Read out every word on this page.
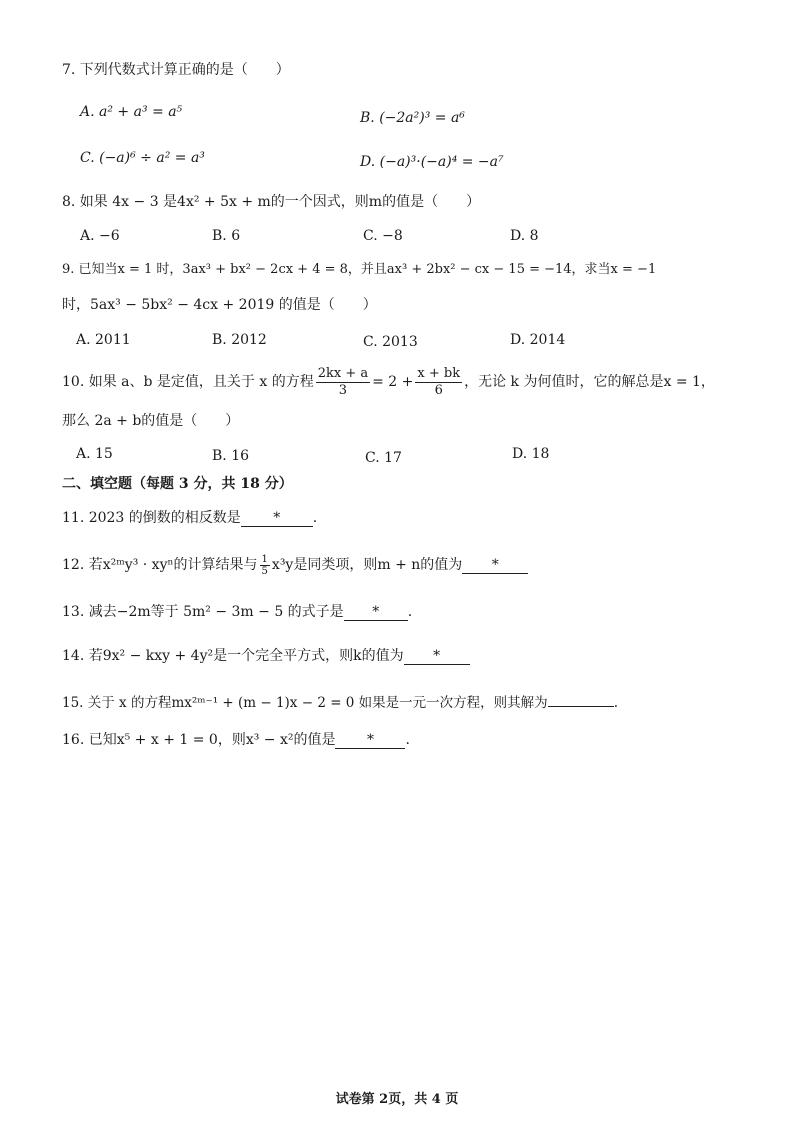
7. 下列代数式计算正确的是（　　）
A. a² + a³ = a⁵	B. (−2a²)³ = a⁶
C. (−a)⁶ ÷ a² = a³	D. (−a)³·(−a)⁴ = −a⁷
8. 如果 4x − 3 是4x² + 5x + m的一个因式，则m的值是（　　）
A. −6	B. 6	C. −8	D. 8
9. 已知当x = 1 时，3ax³ + bx² − 2cx + 4 = 8，并且ax³ + 2bx² − cx − 15 = −14，求当x = −1
时，5ax³ − 5bx² − 4cx + 2019 的值是（　　）
A. 2011	B. 2012	C. 2013	D. 2014
10. 如果 a、b 是定值，且关于 x 的方程 $\frac{2kx + a}{3} = 2 + \frac{x + bk}{6}$ ，无论 k 为何值时，它的解总是x = 1，
那么 2a + b的值是（　　）
A. 15	B. 16	C. 17	D. 18
二、填空题（每题 3 分，共 18 分）
11. 2023 的倒数的相反数是 * .
12. 若x²ᵐy³ · xyⁿ的计算结果与 $\frac{1}{5} x^3y$是同类项，则m + n的值为 *
13. 减去−2m等于 5m² − 3m − 5 的式子是 * .
14. 若9x² − kxy + 4y²是一个完全平方式，则k的值为 *
15. 关于 x 的方程mx²ᵐ⁻¹ + (m − 1)x − 2 = 0 如果是一元一次方程，则其解为	.
16. 已知x⁵ + x + 1 = 0，则x³ − x²的值是 * .
试卷第 2页，共 4 页
